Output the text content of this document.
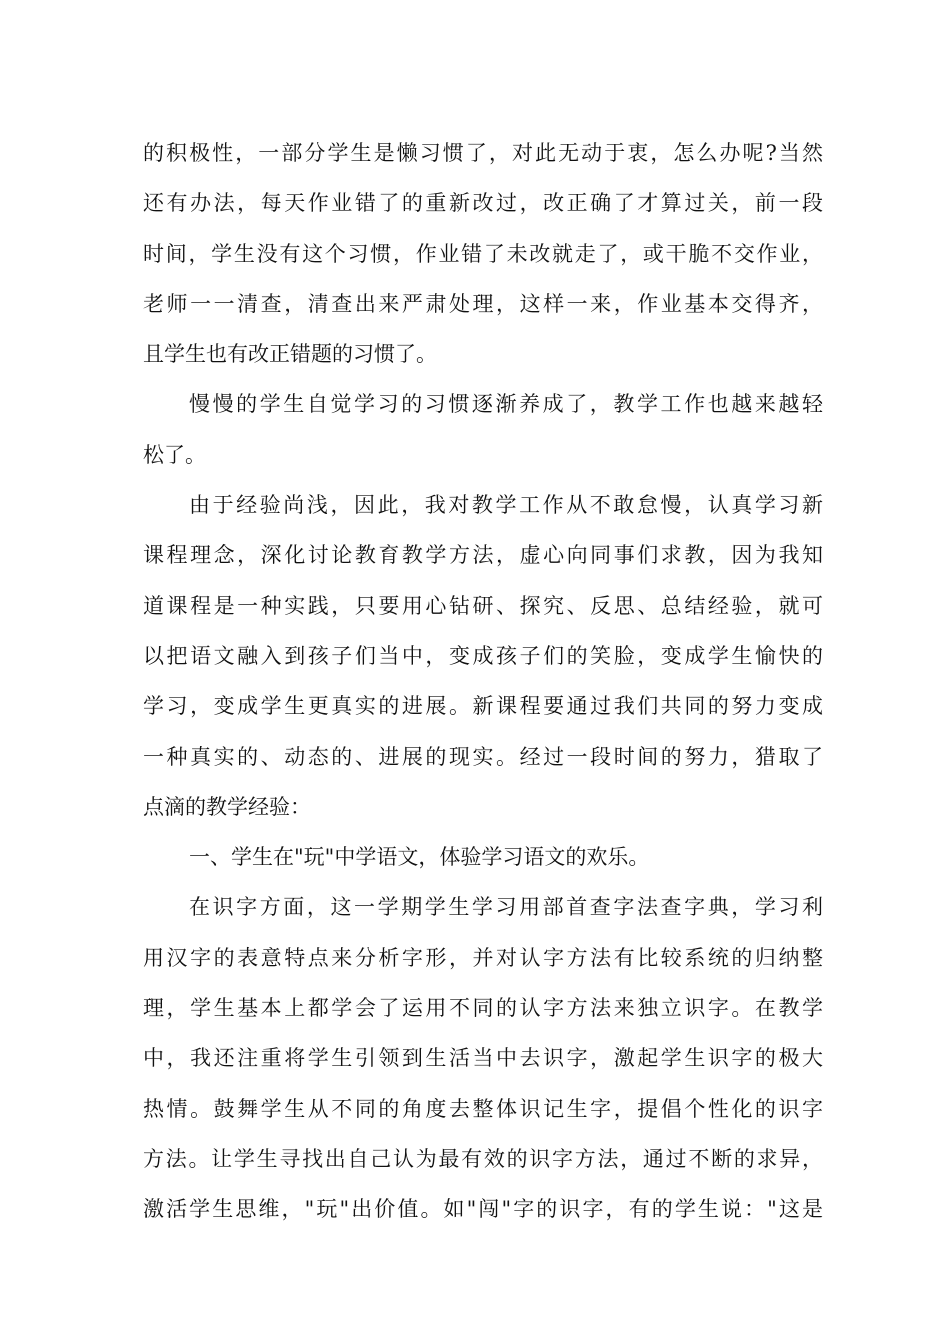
的积极性，一部分学生是懒习惯了，对此无动于衷，怎么办呢?当然
还有办法，每天作业错了的重新改过，改正确了才算过关，前一段
时间，学生没有这个习惯，作业错了未改就走了，或干脆不交作业，
老师一一清查，清查出来严肃处理，这样一来，作业基本交得齐，
且学生也有改正错题的习惯了。
慢慢的学生自觉学习的习惯逐渐养成了，教学工作也越来越轻
松了。
由于经验尚浅，因此，我对教学工作从不敢怠慢，认真学习新
课程理念，深化讨论教育教学方法，虚心向同事们求教，因为我知
道课程是一种实践，只要用心钻研、探究、反思、总结经验，就可
以把语文融入到孩子们当中，变成孩子们的笑脸，变成学生愉快的
学习，变成学生更真实的进展。新课程要通过我们共同的努力变成
一种真实的、动态的、进展的现实。经过一段时间的努力，猎取了
点滴的教学经验：
一、学生在"玩"中学语文，体验学习语文的欢乐。
在识字方面，这一学期学生学习用部首查字法查字典，学习利
用汉字的表意特点来分析字形，并对认字方法有比较系统的归纳整
理，学生基本上都学会了运用不同的认字方法来独立识字。在教学
中，我还注重将学生引领到生活当中去识字，激起学生识字的极大
热情。鼓舞学生从不同的角度去整体识记生字，提倡个性化的识字
方法。让学生寻找出自己认为最有效的识字方法，通过不断的求异，
激活学生思维，"玩"出价值。如"闯"字的识字，有的学生说："这是
